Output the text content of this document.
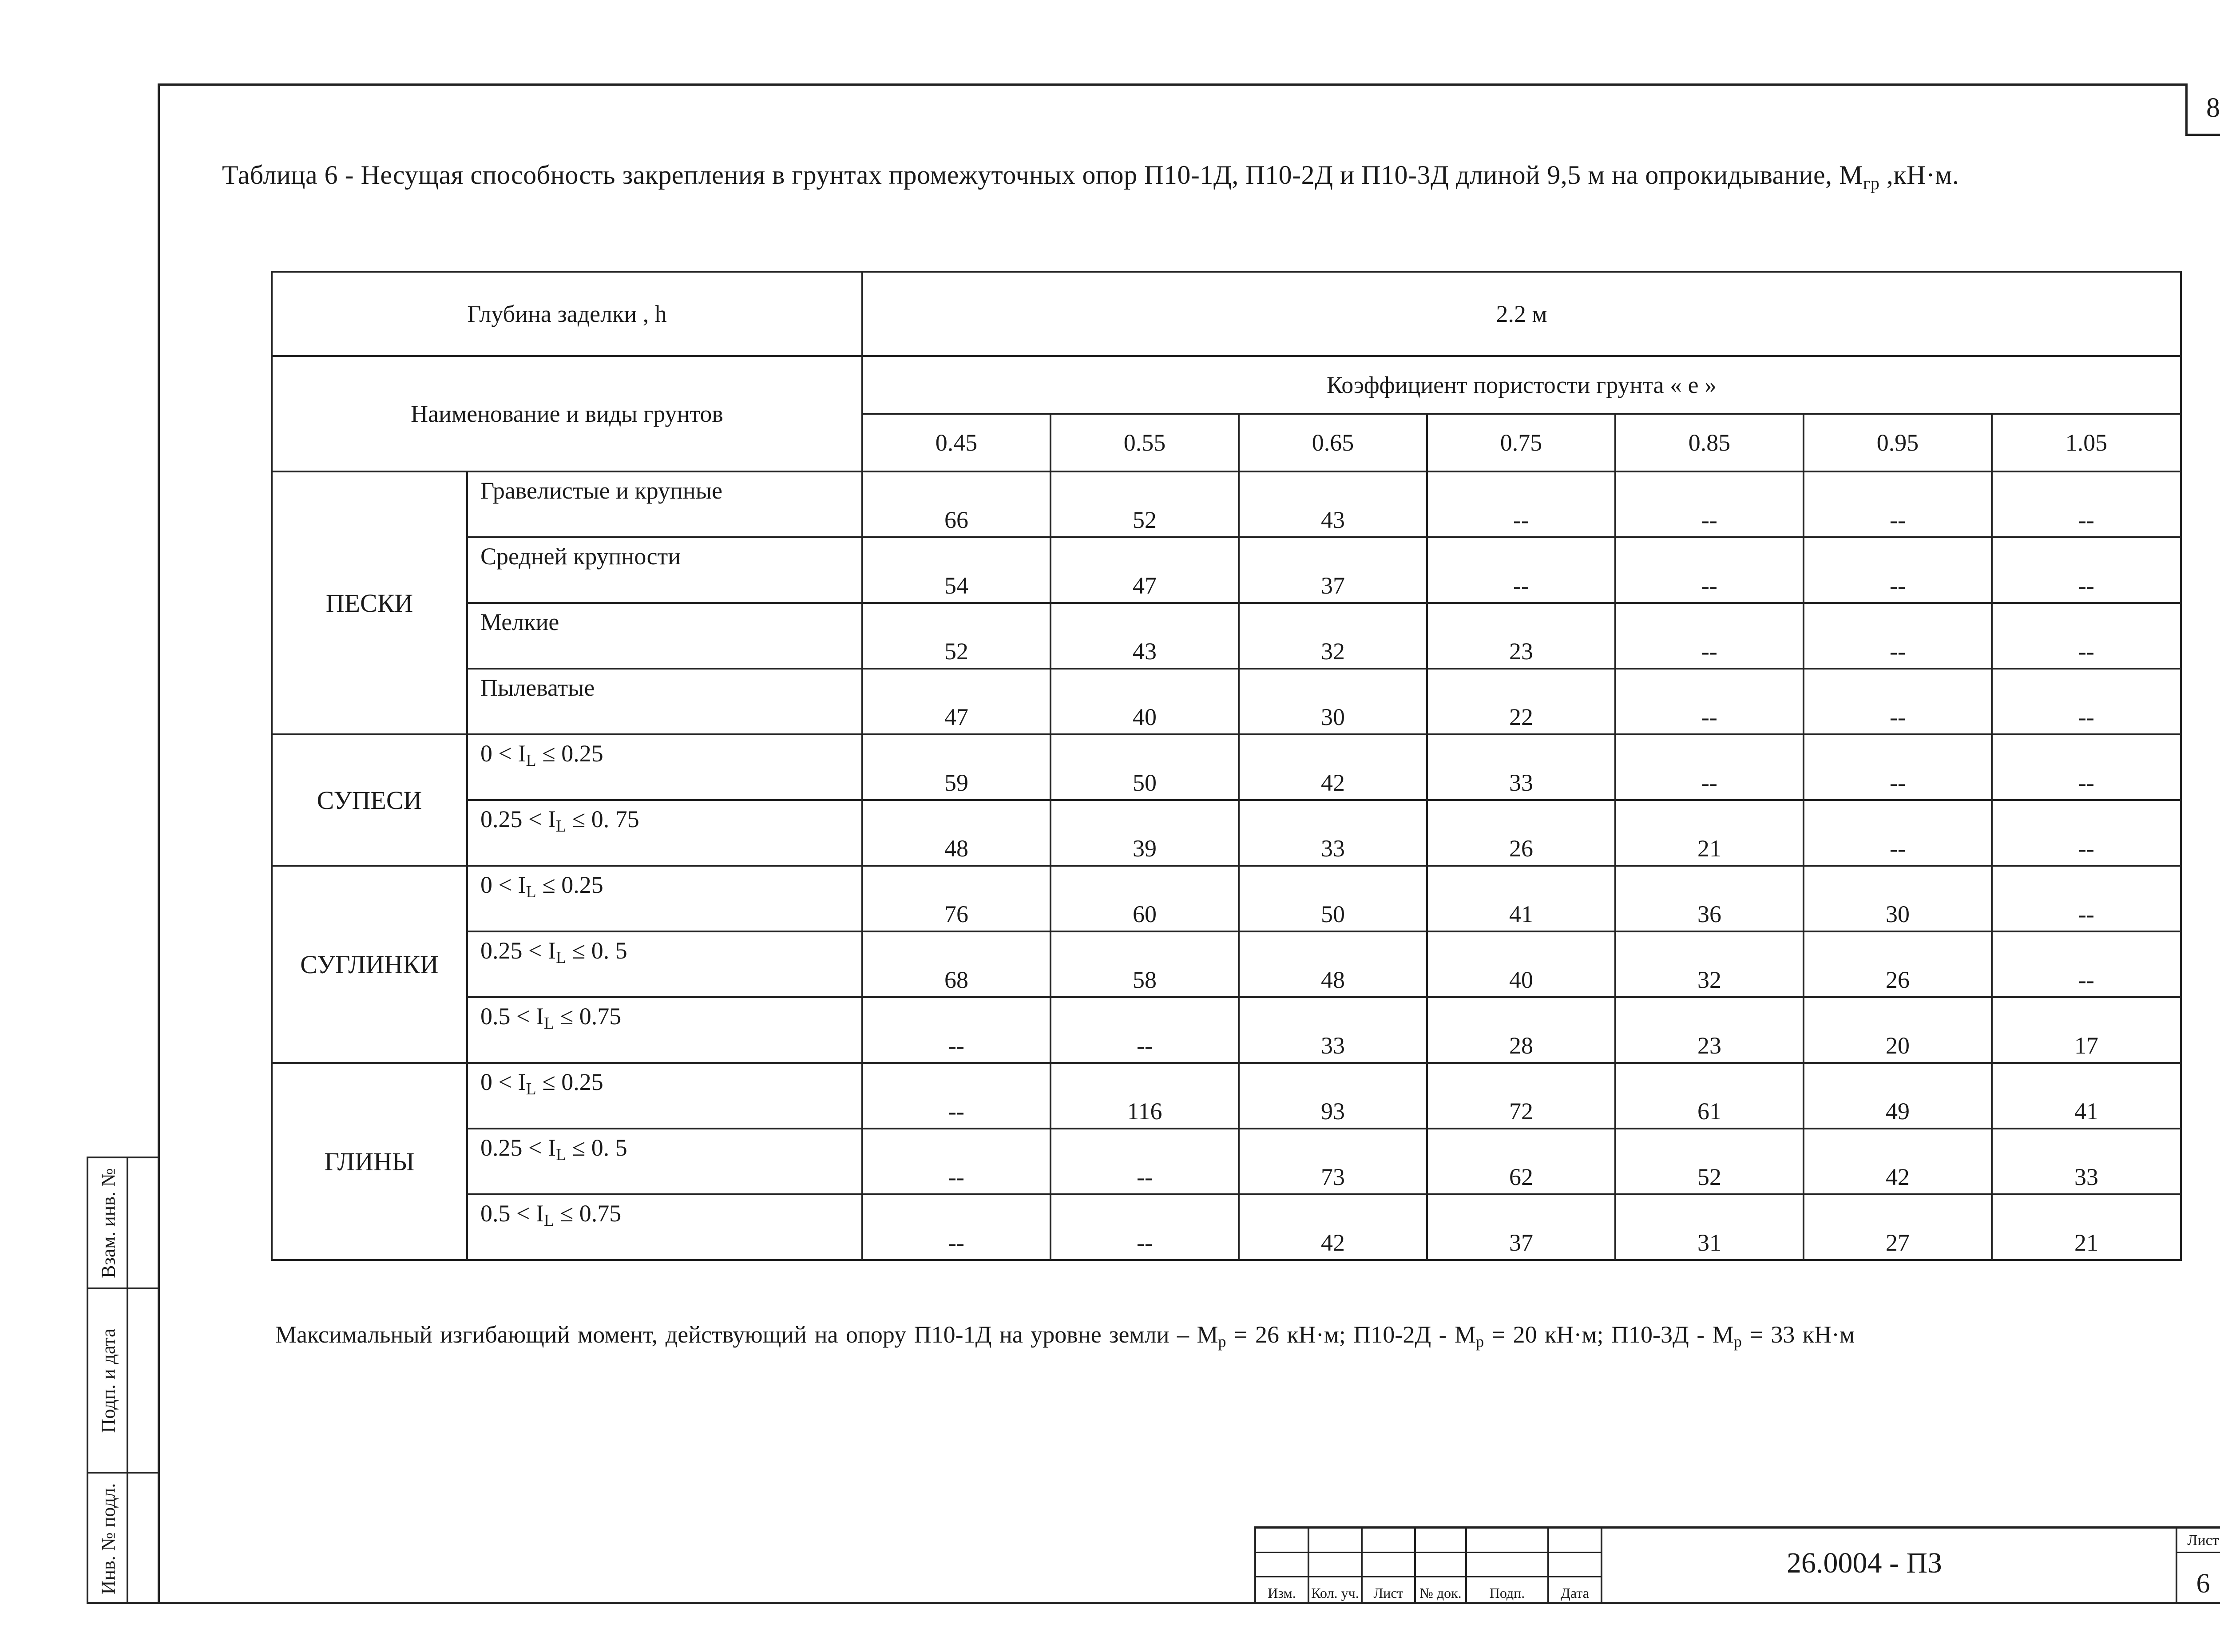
8
Таблица 6 - Несущая способность закрепления в грунтах промежуточных опор П10-1Д, П10-2Д и П10-3Д длиной 9,5 м на опрокидывание, $М_{гр}$ ,кН·м.
Глубина заделки , h		2.2 м						
Наименование и виды грунтов		Коэффициент пористости грунта « е »						
		0.45	0.55	0.65	0.75	0.85	0.95	1.05
ПЕСКИ	Гравелистые и крупные	66	52	43	--	--	--	--
	Средней крупности	54	47	37	--	--	--	--
	Мелкие	52	43	32	23	--	--	--
	Пылеватые	47	40	30	22	--	--	--
СУПЕСИ	0 < IL ≤ 0.25	59	50	42	33	--	--	--
	0.25 < IL ≤ 0. 75	48	39	33	26	21	--	--
СУГЛИНКИ	0 < IL ≤ 0.25	76	60	50	41	36	30	--
	0.25 < IL ≤ 0. 5	68	58	48	40	32	26	--
	0.5 < IL ≤ 0.75	--	--	33	28	23	20	17
ГЛИНЫ	0 < IL ≤ 0.25	--	116	93	72	61	49	41
	0.25 < IL ≤ 0. 5	--	--	73	62	52	42	33
	0.5 < IL ≤ 0.75	--	--	42	37	31	27	21
Максимальный изгибающий момент, действующий на опору П10-1Д на уровне земли – $М_р = 26$ кН·м; $П10-2Д - М_р = 20$ кН·м; $П10-3Д - М_р = 33$ кН·м
Взам. инв. №
Подп. и дата
Инв. № подл.	Изм.	Кол. уч.	Лист	№ док.	Подп.	Дата
26.0004 - ПЗ
Лист
6
